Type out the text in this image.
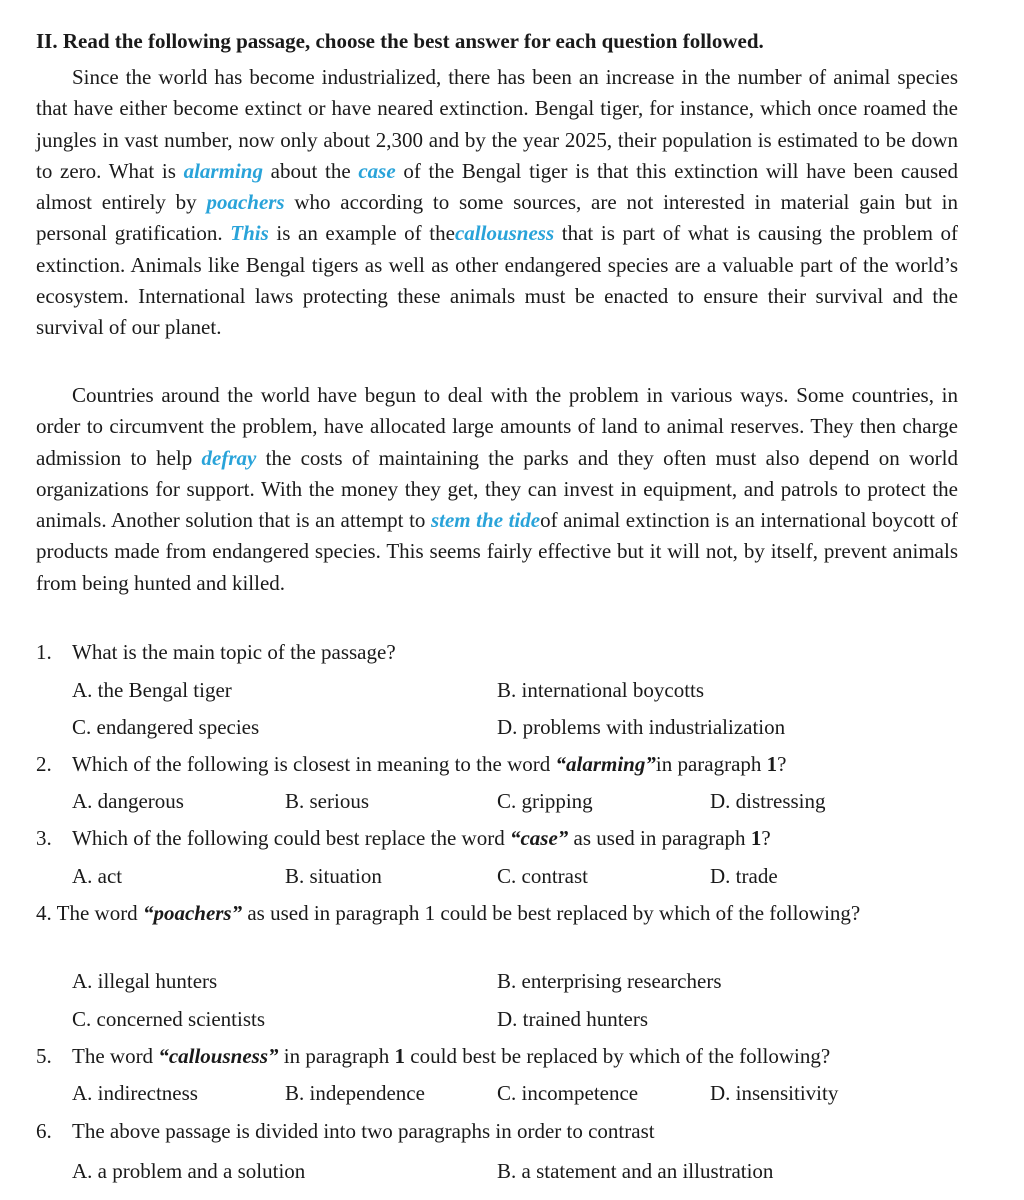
II. Read the following passage, choose the best answer for each question followed.

Since the world has become industrialized, there has been an increase in the number of animal species that have either become extinct or have neared extinction. Bengal tiger, for instance, which once roamed the jungles in vast number, now only about 2,300 and by the year 2025, their population is estimated to be down to zero. What is alarming about the case of the Bengal tiger is that this extinction will have been caused almost entirely by poachers who according to some sources, are not interested in material gain but in personal gratification. This is an example of thecallousness that is part of what is causing the problem of extinction. Animals like Bengal tigers as well as other endangered species are a valuable part of the world’s ecosystem. International laws protecting these animals must be enacted to ensure their survival and the survival of our planet.

Countries around the world have begun to deal with the problem in various ways. Some countries, in order to circumvent the problem, have allocated large amounts of land to animal reserves. They then charge admission to help defray the costs of maintaining the parks and they often must also depend on world organizations for support. With the money they get, they can invest in equipment, and patrols to protect the animals. Another solution that is an attempt to stem the tideof animal extinction is an international boycott of products made from endangered species. This seems fairly effective but it will not, by itself, prevent animals from being hunted and killed.

1. What is the main topic of the passage?

A. the Bengal tiger	B. international boycotts
C. endangered species	D. problems with industrialization

2. Which of the following is closest in meaning to the word “alarming”in paragraph 1?

A. dangerous	B. serious	C. gripping	D. distressing

3. Which of the following could best replace the word “case” as used in paragraph 1?

A. act	B. situation	C. contrast	D. trade

4. The word “poachers” as used in paragraph 1 could be best replaced by which of the following?

A. illegal hunters	B. enterprising researchers
C. concerned scientists	D. trained hunters

5. The word “callousness” in paragraph 1 could best be replaced by which of the following?

A. indirectness	B. independence	C. incompetence	D. insensitivity

6. The above passage is divided into two paragraphs in order to contrast

A. a problem and a solution	B. a statement and an illustration
